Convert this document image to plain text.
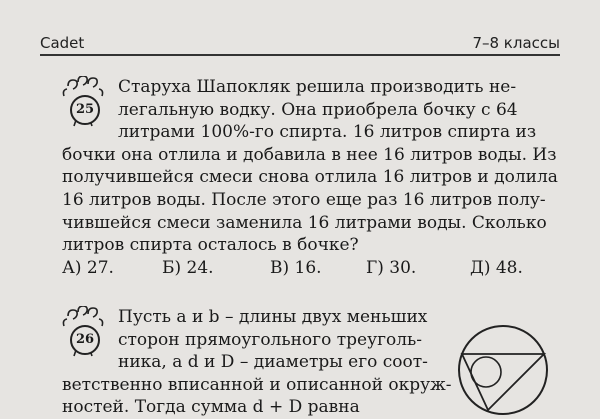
Cadet	7–8 классы
25
Старуха Шапокляк решила производить не-
легальную водку. Она приобрела бочку с 64
литрами 100%-го спирта. 16 литров спирта из
бочки она отлила и добавила в нее 16 литров воды. Из
получившейся смеси снова отлила 16 литров и долила
16 литров воды. После этого еще раз 16 литров полу-
чившейся смеси заменила 16 литрами воды. Сколько
литров спирта осталось в бочке?
А) 27.	Б) 24.	В) 16.	Г) 30.	Д) 48.
26
Пусть a и b – длины двух меньших
сторон прямоугольного треуголь-
ника, а d и D – диаметры его соот-
ветственно вписанной и описанной окруж-
ностей. Тогда сумма d + D равна
